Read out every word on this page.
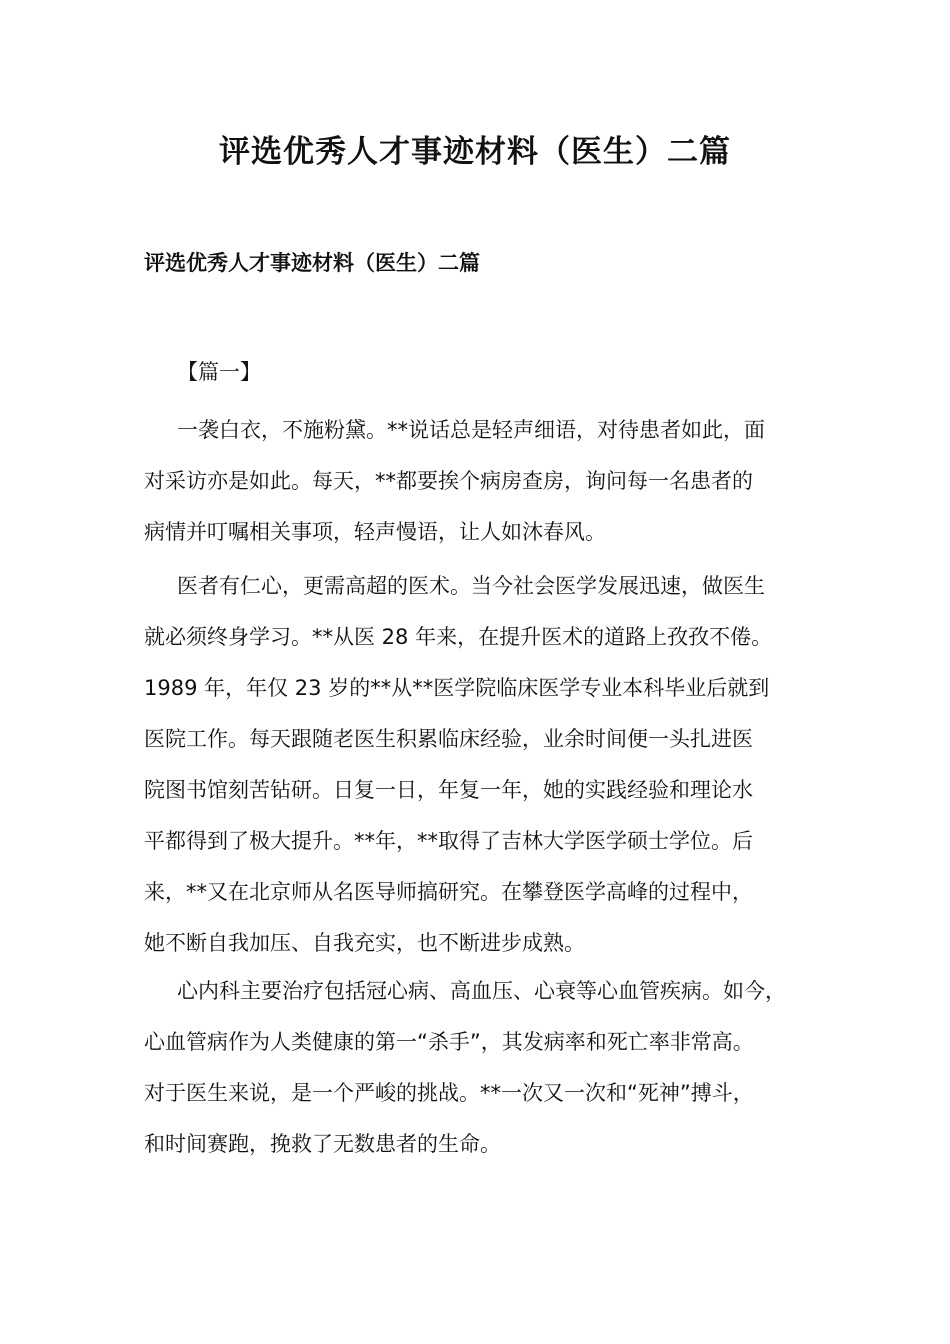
评选优秀人才事迹材料（医生）二篇
评选优秀人才事迹材料（医生）二篇
【篇一】
一袭白衣，不施粉黛。**说话总是轻声细语，对待患者如此，面
对采访亦是如此。每天，**都要挨个病房查房，询问每一名患者的
病情并叮嘱相关事项，轻声慢语，让人如沐春风。
医者有仁心，更需高超的医术。当今社会医学发展迅速，做医生
就必须终身学习。**从医 28 年来，在提升医术的道路上孜孜不倦。
1989 年，年仅 23 岁的**从**医学院临床医学专业本科毕业后就到
医院工作。每天跟随老医生积累临床经验，业余时间便一头扎进医
院图书馆刻苦钻研。日复一日，年复一年，她的实践经验和理论水
平都得到了极大提升。**年，**取得了吉林大学医学硕士学位。后
来，**又在北京师从名医导师搞研究。在攀登医学高峰的过程中，
她不断自我加压、自我充实，也不断进步成熟。
心内科主要治疗包括冠心病、高血压、心衰等心血管疾病。如今，
心血管病作为人类健康的第一“杀手”，其发病率和死亡率非常高。
对于医生来说，是一个严峻的挑战。**一次又一次和“死神”搏斗，
和时间赛跑，挽救了无数患者的生命。
